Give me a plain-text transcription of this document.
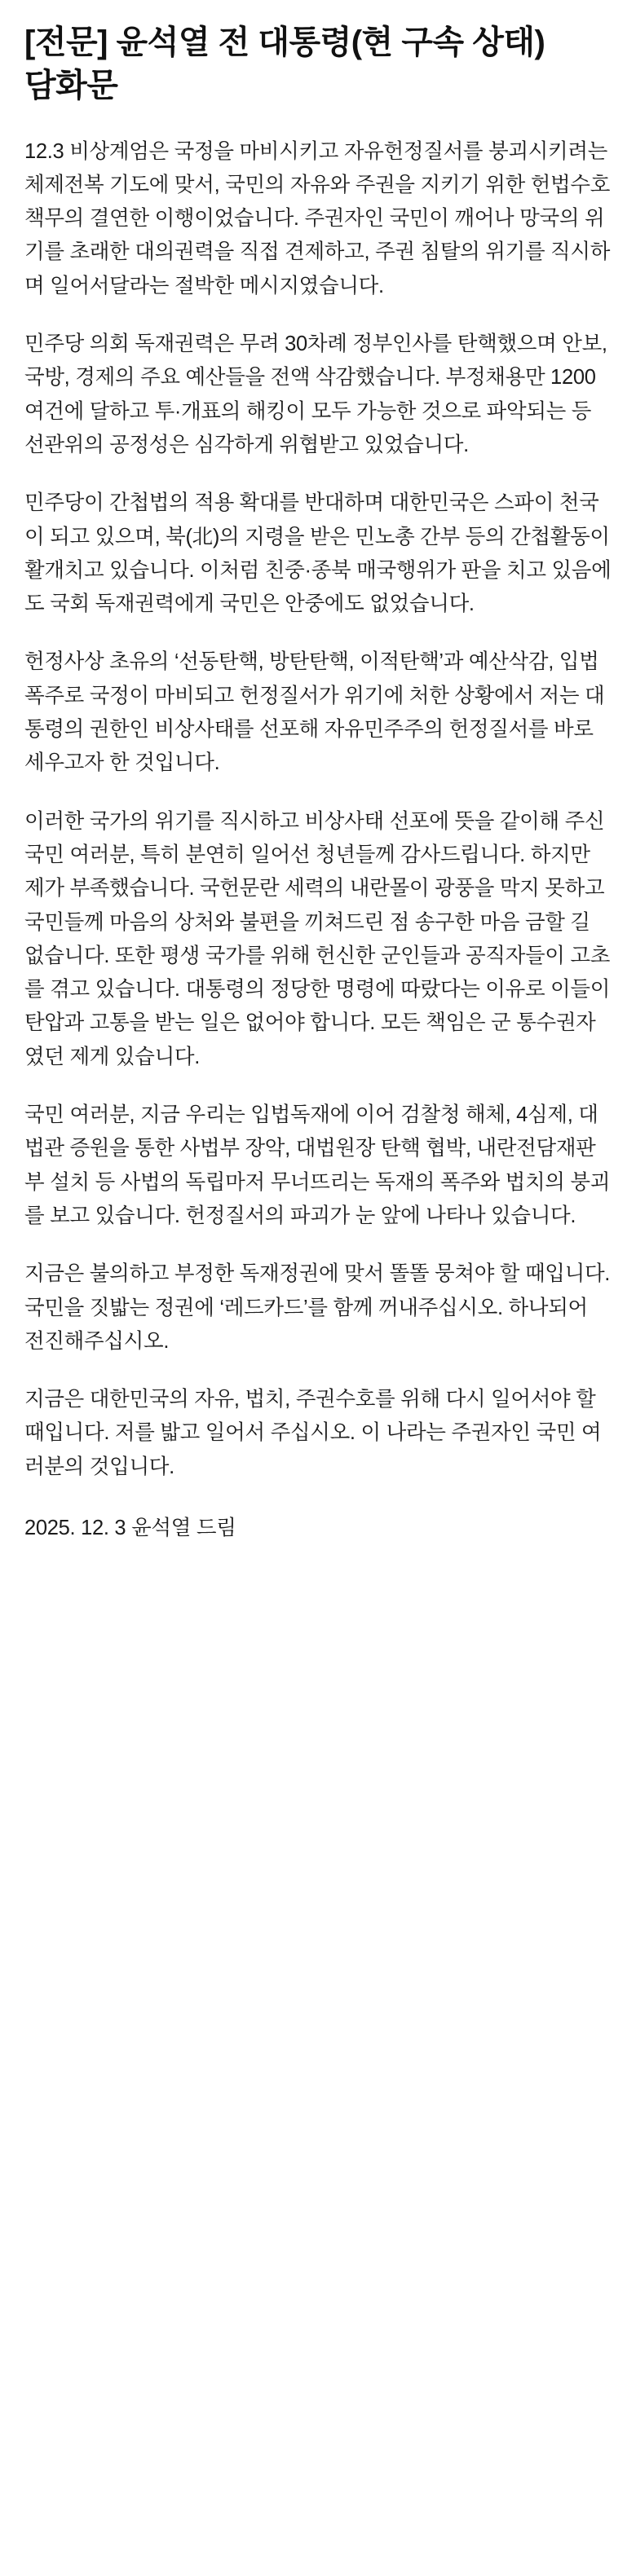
[전문] 윤석열 전 대통령(현 구속 상태) 담화문

12.3 비상계엄은 국정을 마비시키고 자유헌정질서를 붕괴시키려는 체제전복 기도에 맞서, 국민의 자유와 주권을 지키기 위한 헌법수호책무의 결연한 이행이었습니다. 주권자인 국민이 깨어나 망국의 위기를 초래한 대의권력을 직접 견제하고, 주권 침탈의 위기를 직시하며 일어서달라는 절박한 메시지였습니다.

민주당 의회 독재권력은 무려 30차례 정부인사를 탄핵했으며 안보, 국방, 경제의 주요 예산들을 전액 삭감했습니다. 부정채용만 1200여건에 달하고 투·개표의 해킹이 모두 가능한 것으로 파악되는 등 선관위의 공정성은 심각하게 위협받고 있었습니다.

민주당이 간첩법의 적용 확대를 반대하며 대한민국은 스파이 천국이 되고 있으며, 북(北)의 지령을 받은 민노총 간부 등의 간첩활동이 활개치고 있습니다. 이처럼 친중·종북 매국행위가 판을 치고 있음에도 국회 독재권력에게 국민은 안중에도 없었습니다.

헌정사상 초유의 ‘선동탄핵, 방탄탄핵, 이적탄핵’과 예산삭감, 입법폭주로 국정이 마비되고 헌정질서가 위기에 처한 상황에서 저는 대통령의 권한인 비상사태를 선포해 자유민주주의 헌정질서를 바로 세우고자 한 것입니다.

이러한 국가의 위기를 직시하고 비상사태 선포에 뜻을 같이해 주신 국민 여러분, 특히 분연히 일어선 청년들께 감사드립니다. 하지만 제가 부족했습니다. 국헌문란 세력의 내란몰이 광풍을 막지 못하고 국민들께 마음의 상처와 불편을 끼쳐드린 점 송구한 마음 금할 길 없습니다. 또한 평생 국가를 위해 헌신한 군인들과 공직자들이 고초를 겪고 있습니다. 대통령의 정당한 명령에 따랐다는 이유로 이들이 탄압과 고통을 받는 일은 없어야 합니다. 모든 책임은 군 통수권자였던 제게 있습니다.

국민 여러분, 지금 우리는 입법독재에 이어 검찰청 해체, 4심제, 대법관 증원을 통한 사법부 장악, 대법원장 탄핵 협박, 내란전담재판부 설치 등 사법의 독립마저 무너뜨리는 독재의 폭주와 법치의 붕괴를 보고 있습니다. 헌정질서의 파괴가 눈 앞에 나타나 있습니다.

지금은 불의하고 부정한 독재정권에 맞서 똘똘 뭉쳐야 할 때입니다. 국민을 짓밟는 정권에 ‘레드카드’를 함께 꺼내주십시오. 하나되어 전진해주십시오.

지금은 대한민국의 자유, 법치, 주권수호를 위해 다시 일어서야 할 때입니다. 저를 밟고 일어서 주십시오. 이 나라는 주권자인 국민 여러분의 것입니다.

2025. 12. 3 윤석열 드림
